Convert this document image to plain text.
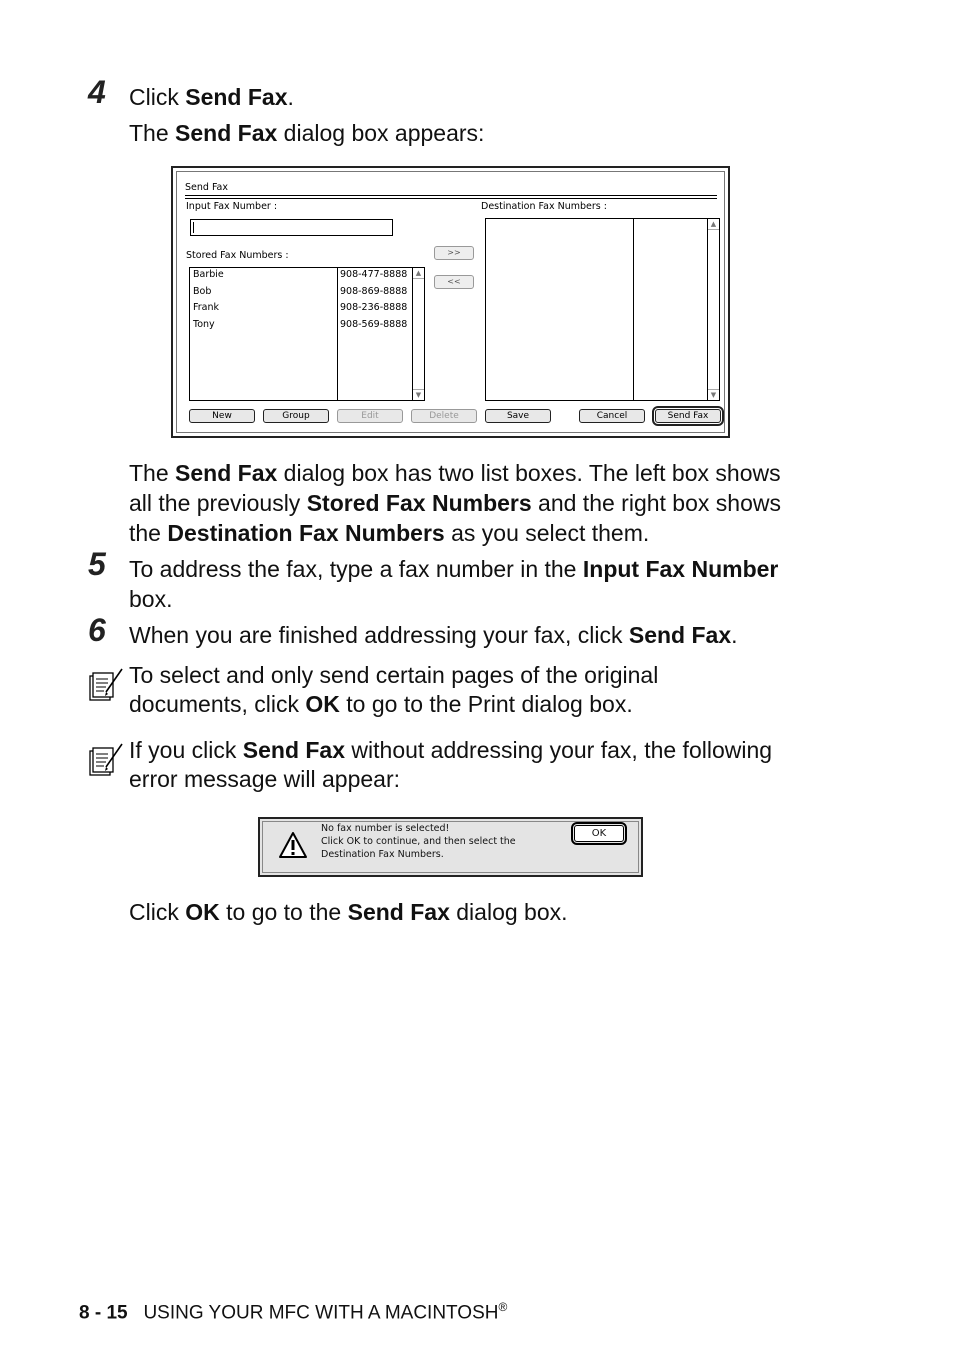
4 Click Send Fax.
The Send Fax dialog box appears:
Send Fax
Input Fax Number :
Stored Fax Numbers :
▲
▼
Barbie	908-477-8888
Bob	908-869-8888
Frank	908-236-8888
Tony	908-569-8888
>>
<<
Destination Fax Numbers :
▲
▼
New	Group	Edit	Delete	Save	Cancel	Send Fax
The Send Fax dialog box has two list boxes. The left box shows
all the previously Stored Fax Numbers and the right box shows
the Destination Fax Numbers as you select them.
5 To address the fax, type a fax number in the Input Fax Number
box.
6 When you are finished addressing your fax, click Send Fax.
To select and only send certain pages of the original
documents, click OK to go to the Print dialog box.
If you click Send Fax without addressing your fax, the following
error message will appear:
No fax number is selected!
Click OK to continue, and then select the
Destination Fax Numbers.
OK
Click OK to go to the Send Fax dialog box.
8 - 15 USING YOUR MFC WITH A MACINTOSH®
